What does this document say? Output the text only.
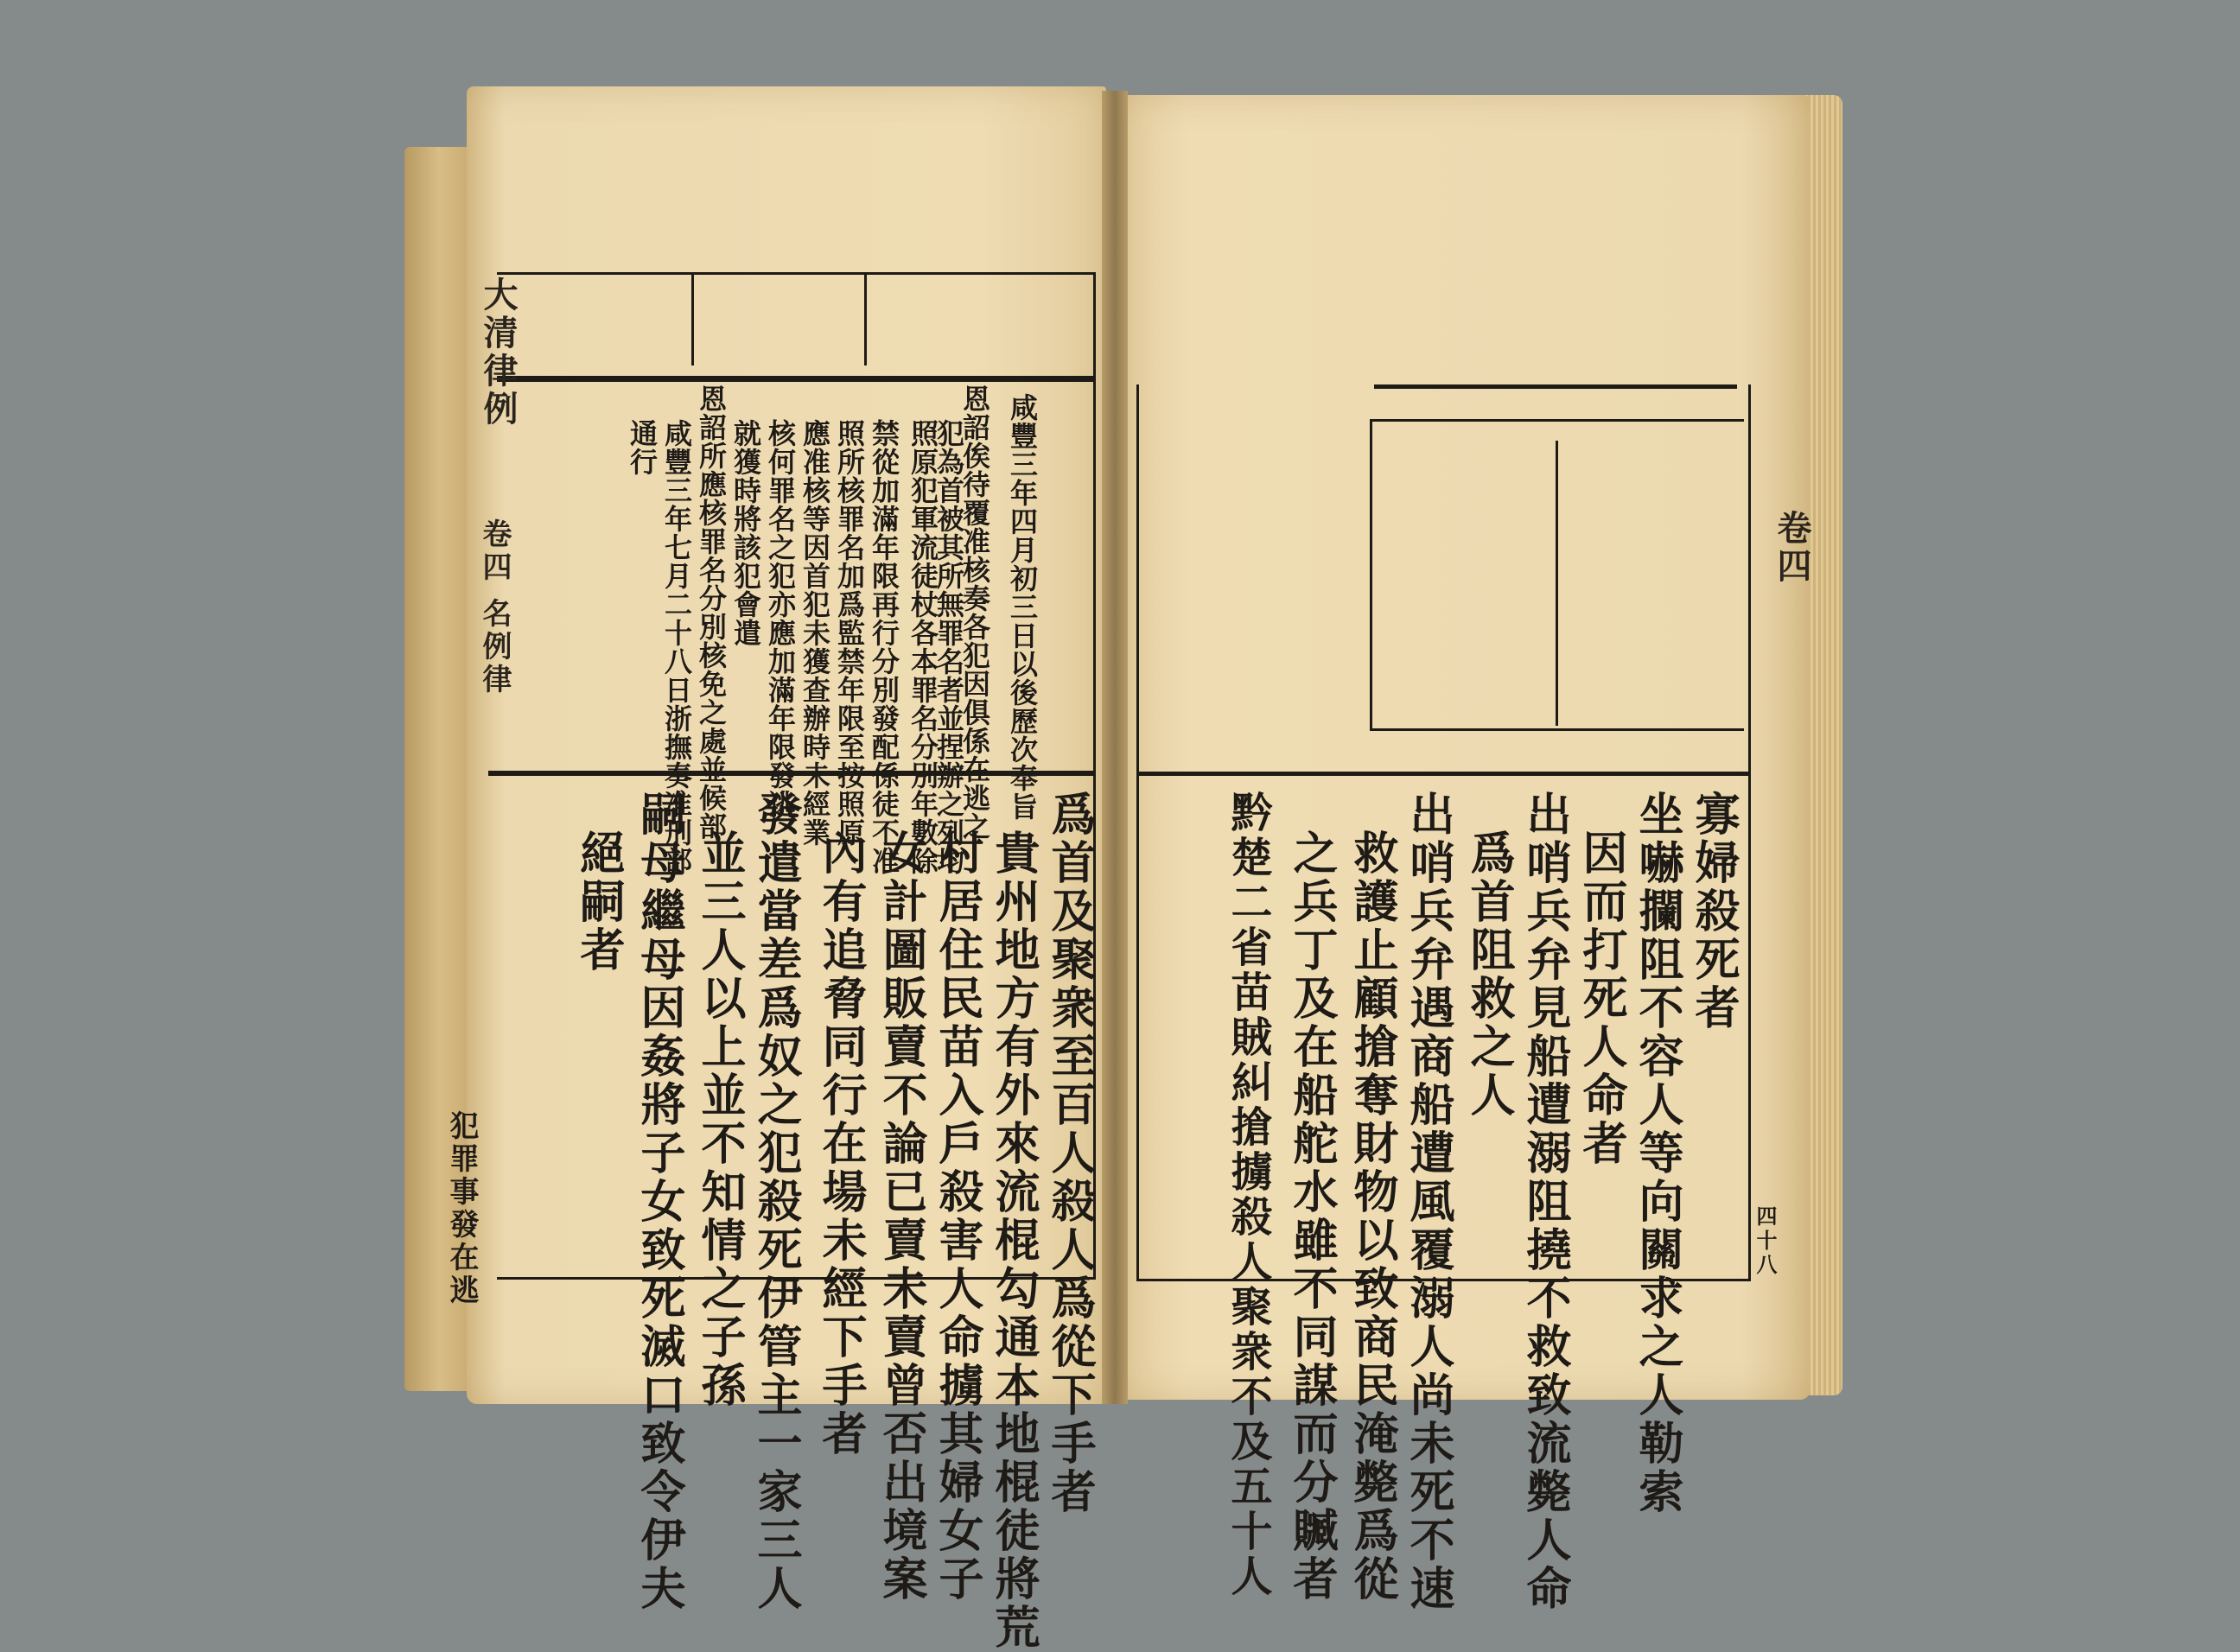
大清律例
卷四 名例律
犯罪事發在逃
咸豐三年四月初三日以後歷次奉旨
恩詔俟待覆准核奏各犯因俱係在逃之
犯為首被其所無罪名者並捏辦之列均
照原犯軍流徒杖各本罪名分別年數除
禁從加滿年限再行分別發配係徒不准
照所核罪名加爲監禁年限至按照原
應准核等因首犯未獲查辦時未經業
核何罪名之犯亦應加滿年限發逃
就獲時將該犯會遣
恩詔所應核罪名分別核免之處並候部
咸豐三年七月二十八日浙撫奏准刑部
通行
爲首及聚衆至百人殺人爲從下手者
貴州地方有外來流棍勾通本地棍徒將荒
村居住民苗入戶殺害人命擄其婦女子
女計圖販賣不論已賣未賣曾否出境案
內有追脅同行在場未經下手者
發遣當差爲奴之犯殺死伊管主一家三人
並三人以上並不知情之子孫
嗣母繼母因姦將子女致死滅口致令伊夫
絕嗣者
卷四
四十八
寡婦殺死者
坐嚇攔阻不容人等向關求之人勒索
因而打死人命者
出哨兵弁見船遭溺阻撓不救致流斃人命
爲首阻救之人
出哨兵弁遇商船遭風覆溺人尚未死不速
救護止顧搶奪財物以致商民淹斃爲從
之兵丁及在船舵水雖不同謀而分贓者
黔楚二省苗賊糾搶擄殺人聚衆不及五十人
